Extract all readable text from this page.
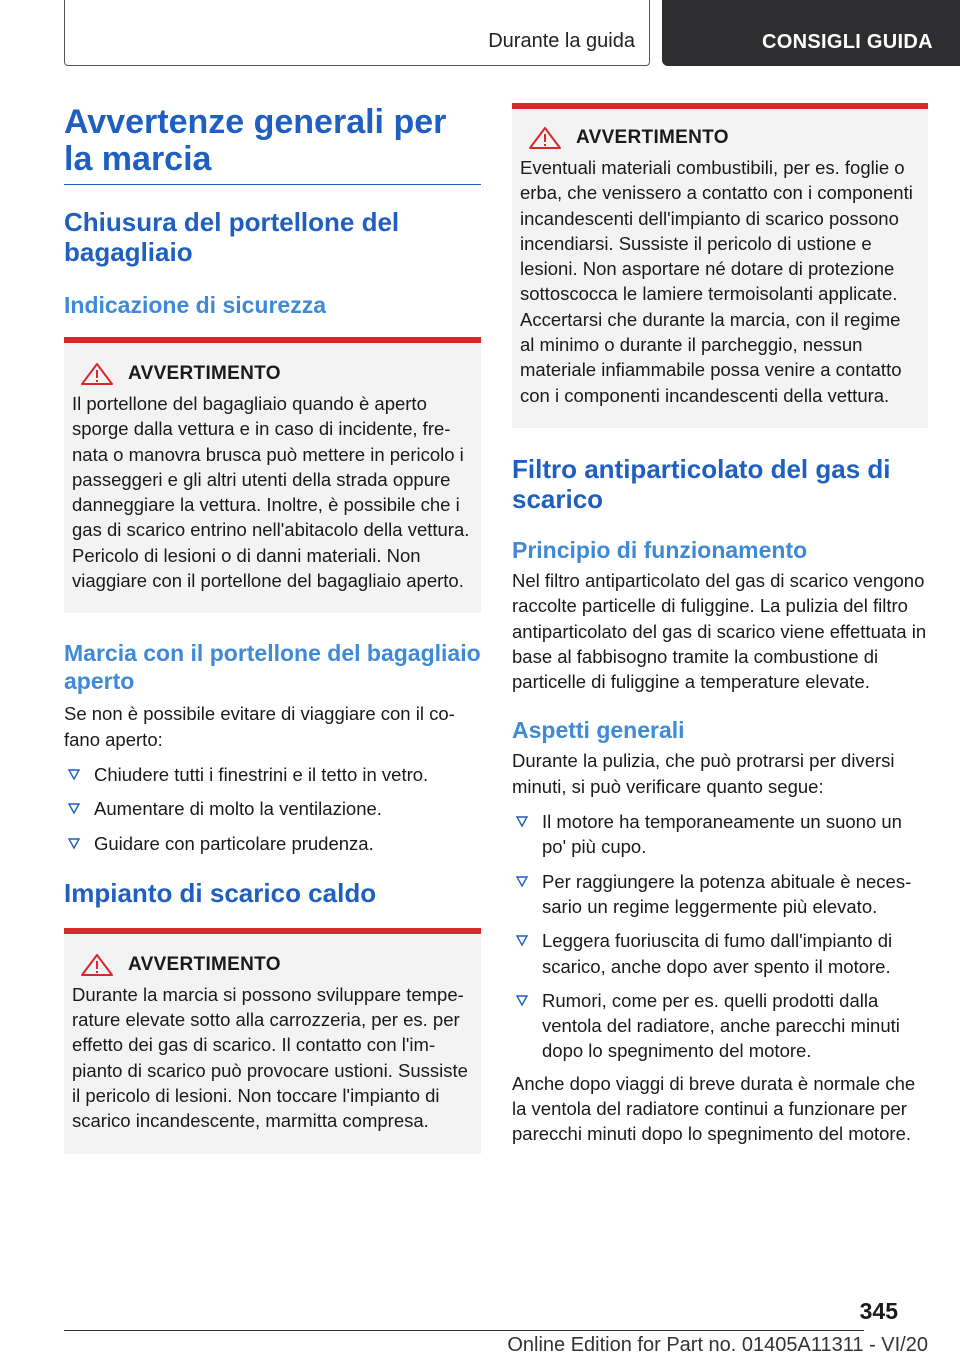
Durante la guida	CONSIGLI GUIDA
Avvertenze generali per la marcia
Chiusura del portellone del bagagliaio
Indicazione di sicurezza
AVVERTIMENTO

Il portellone del bagagliaio quando è aperto sporge dalla vettura e in caso di incidente, frenata o manovra brusca può mettere in pericolo i passeggeri e gli altri utenti della strada oppure danneggiare la vettura. Inoltre, è possibile che i gas di scarico entrino nell'abitacolo della vettura. Pericolo di lesioni o di danni materiali. Non viaggiare con il portellone del bagagliaio aperto.

Marcia con il portellone del bagagliaio aperto

Se non è possibile evitare di viaggiare con il cofano aperto:

Chiudere tutti i finestrini e il tetto in vetro.
Aumentare di molto la ventilazione.
Guidare con particolare prudenza.
Impianto di scarico caldo
AVVERTIMENTO

Durante la marcia si possono sviluppare temperature elevate sotto alla carrozzeria, per es. per effetto dei gas di scarico. Il contatto con l'impianto di scarico può provocare ustioni. Sussiste il pericolo di lesioni. Non toccare l'impianto di scarico incandescente, marmitta compresa.

AVVERTIMENTO

Eventuali materiali combustibili, per es. foglie o erba, che venissero a contatto con i componenti incandescenti dell'impianto di scarico possono incendiarsi. Sussiste il pericolo di ustione e lesioni. Non asportare né dotare di protezione sottoscocca le lamiere termoisolanti applicate. Accertarsi che durante la marcia, con il regime al minimo o durante il parcheggio, nessun materiale infiammabile possa venire a contatto con i componenti incandescenti della vettura.

Filtro antiparticolato del gas di scarico
Principio di funzionamento

Nel filtro antiparticolato del gas di scarico vengono raccolte particelle di fuliggine. La pulizia del filtro antiparticolato del gas di scarico viene effettuata in base al fabbisogno tramite la combustione di particelle di fuliggine a temperature elevate.

Aspetti generali

Durante la pulizia, che può protrarsi per diversi minuti, si può verificare quanto segue:

Il motore ha temporaneamente un suono un po' più cupo.
Per raggiungere la potenza abituale è necessario un regime leggermente più elevato.
Leggera fuoriuscita di fumo dall'impianto di scarico, anche dopo aver spento il motore.
Rumori, come per es. quelli prodotti dalla ventola del radiatore, anche parecchi minuti dopo lo spegnimento del motore.

Anche dopo viaggi di breve durata è normale che la ventola del radiatore continui a funzionare per parecchi minuti dopo lo spegnimento del motore.

345
Online Edition for Part no. 01405A11311 - VI/20
